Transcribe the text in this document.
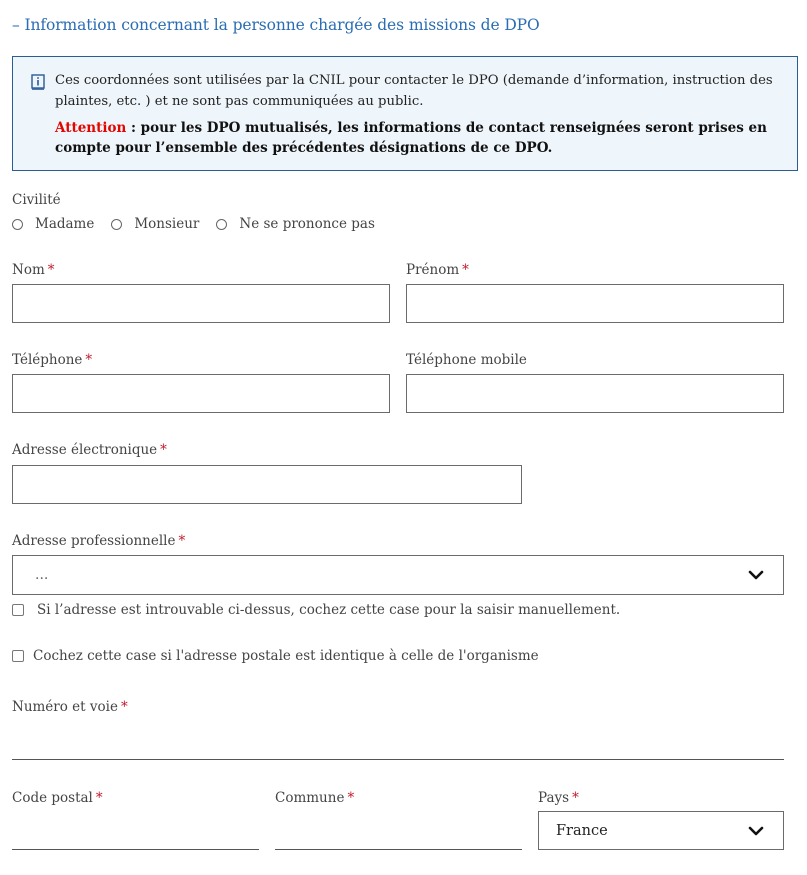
– Information concernant la personne chargée des missions de DPO
Ces coordonnées sont utilisées par la CNIL pour contacter le DPO (demande d’information, instruction des plaintes, etc. ) et ne sont pas communiquées au public.
Attention : pour les DPO mutualisés, les informations de contact renseignées seront prises en compte pour l’ensemble des précédentes désignations de ce DPO.
Civilité
Madame	Monsieur	Ne se prononce pas
Nom *	Prénom *
Téléphone *	Téléphone mobile
Adresse électronique *
Adresse professionnelle *
...
Si l’adresse est introuvable ci-dessus, cochez cette case pour la saisir manuellement.
Cochez cette case si l'adresse postale est identique à celle de l'organisme
Numéro et voie *
Code postal *	Commune *	Pays *
France
